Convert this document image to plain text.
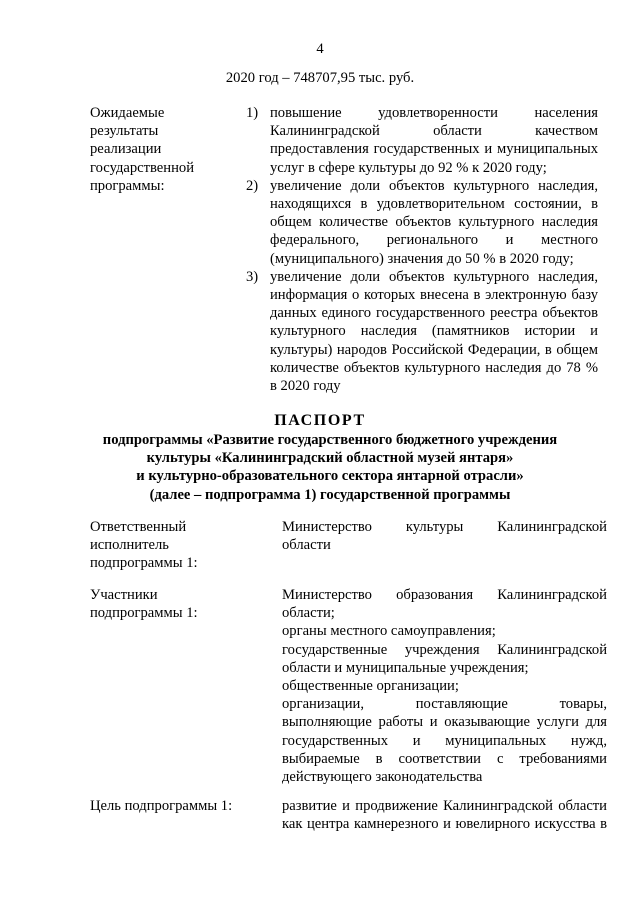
4
2020 год – 748707,95 тыс. руб.
Ожидаемые
результаты
реализации
государственной
программы:
1) повышение удовлетворенности населения Калининградской области качеством предоставления государственных и муниципальных услуг в сфере культуры до 92 % к 2020 году;
2) увеличение доли объектов культурного наследия, находящихся в удовлетворительном состоянии, в общем количестве объектов культурного наследия федерального, регионального и местного (муниципального) значения до 50 % в 2020 году;
3) увеличение доли объектов культурного наследия, информация о которых внесена в электронную базу данных единого государственного реестра объектов культурного наследия (памятников истории и культуры) народов Российской Федерации, в общем количестве объектов культурного наследия до 78 % в 2020 году
ПАСПОРТ
подпрограммы «Развитие государственного бюджетного учреждения
культуры «Калининградский областной музей янтаря»
и культурно-образовательного сектора янтарной отрасли»
(далее – подпрограмма 1) государственной программы
Ответственный
исполнитель
подпрограммы 1:
Министерство культуры Калининградской
области
Участники
подпрограммы 1:
Министерство образования Калининградской
области;
органы местного самоуправления;
государственные учреждения Калининградской
области и муниципальные учреждения;
общественные организации;
организации, поставляющие товары,
выполняющие работы и оказывающие услуги для
государственных и муниципальных нужд,
выбираемые в соответствии с требованиями
действующего законодательства
Цель подпрограммы 1:	развитие и продвижение Калининградской области
как центра камнерезного и ювелирного искусства в
